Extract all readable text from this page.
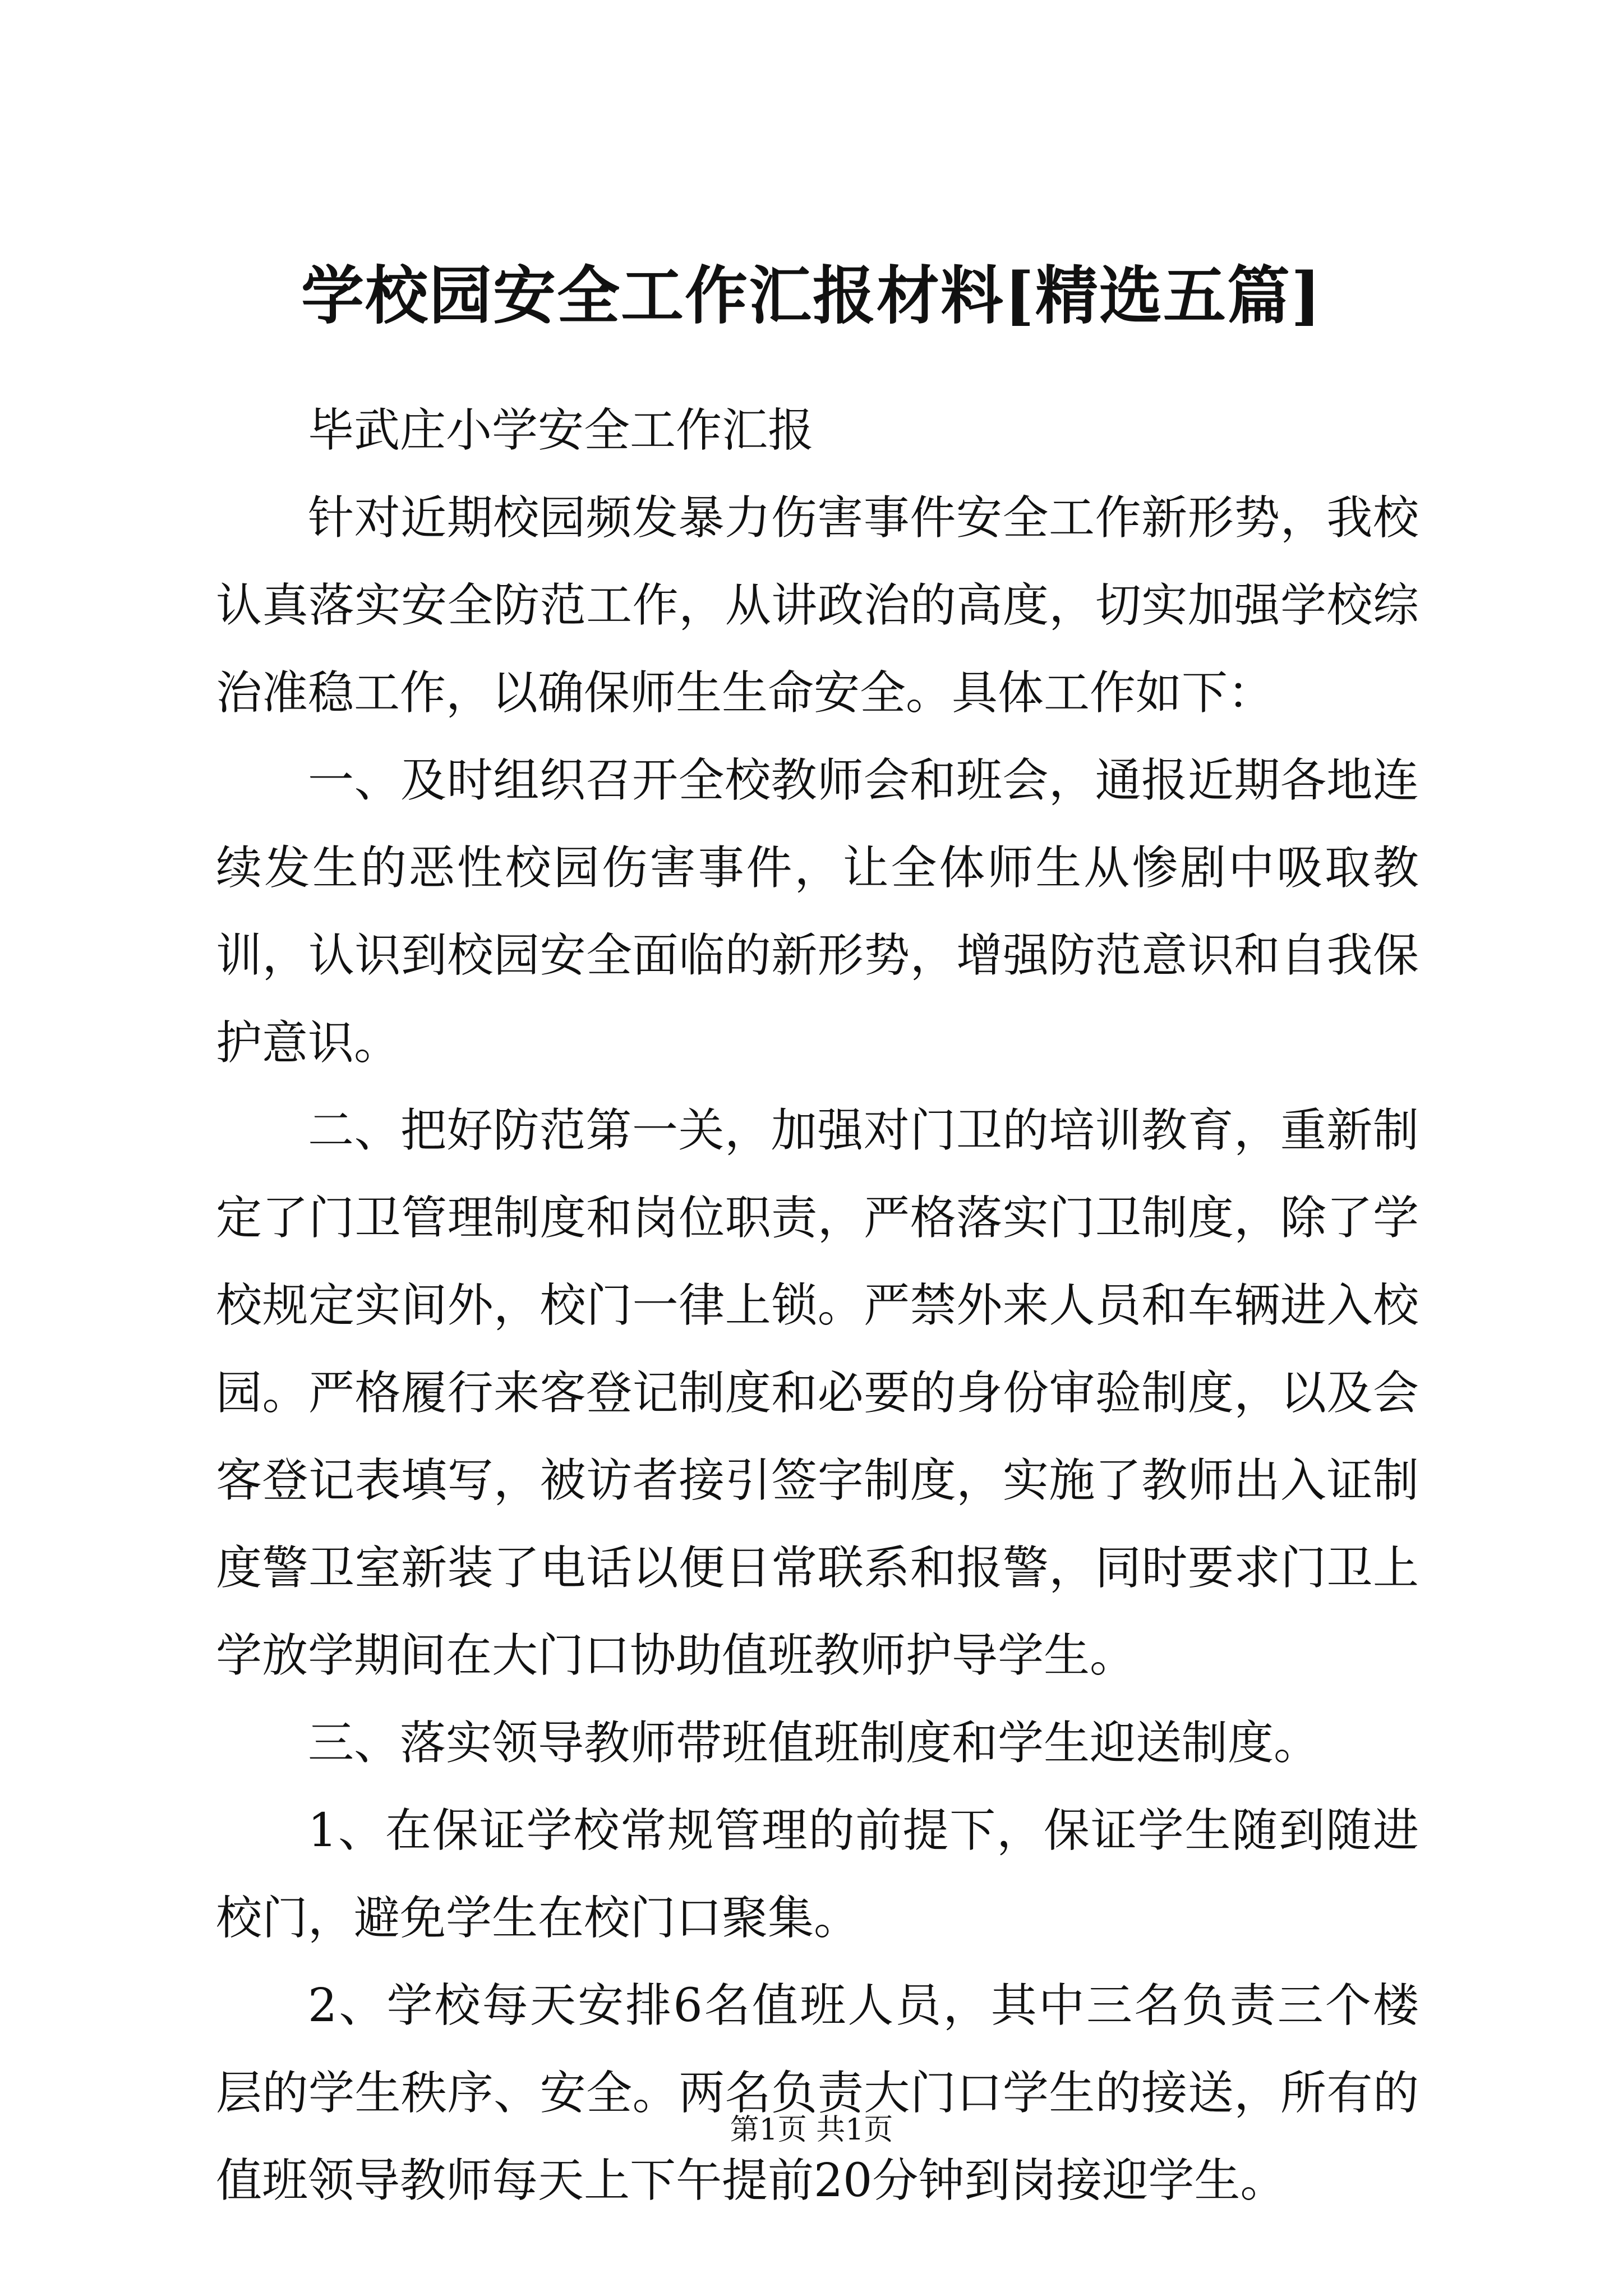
学校园安全工作汇报材料[精选五篇]

毕武庄小学安全工作汇报

针对近期校园频发暴力伤害事件安全工作新形势，我校认真落实安全防范工作，从讲政治的高度，切实加强学校综治准稳工作，以确保师生生命安全。具体工作如下：

一、及时组织召开全校教师会和班会，通报近期各地连续发生的恶性校园伤害事件，让全体师生从惨剧中吸取教训，认识到校园安全面临的新形势，增强防范意识和自我保护意识。

二、把好防范第一关，加强对门卫的培训教育，重新制定了门卫管理制度和岗位职责，严格落实门卫制度，除了学校规定实间外，校门一律上锁。严禁外来人员和车辆进入校园。严格履行来客登记制度和必要的身份审验制度，以及会客登记表填写，被访者接引签字制度，实施了教师出入证制度警卫室新装了电话以便日常联系和报警，同时要求门卫上学放学期间在大门口协助值班教师护导学生。

三、落实领导教师带班值班制度和学生迎送制度。

1、在保证学校常规管理的前提下，保证学生随到随进校门，避免学生在校门口聚集。

2、学校每天安排6名值班人员，其中三名负责三个楼层的学生秩序、安全。两名负责大门口学生的接送，所有的值班领导教师每天上下午提前20分钟到岗接迎学生。

第1页 共1页
